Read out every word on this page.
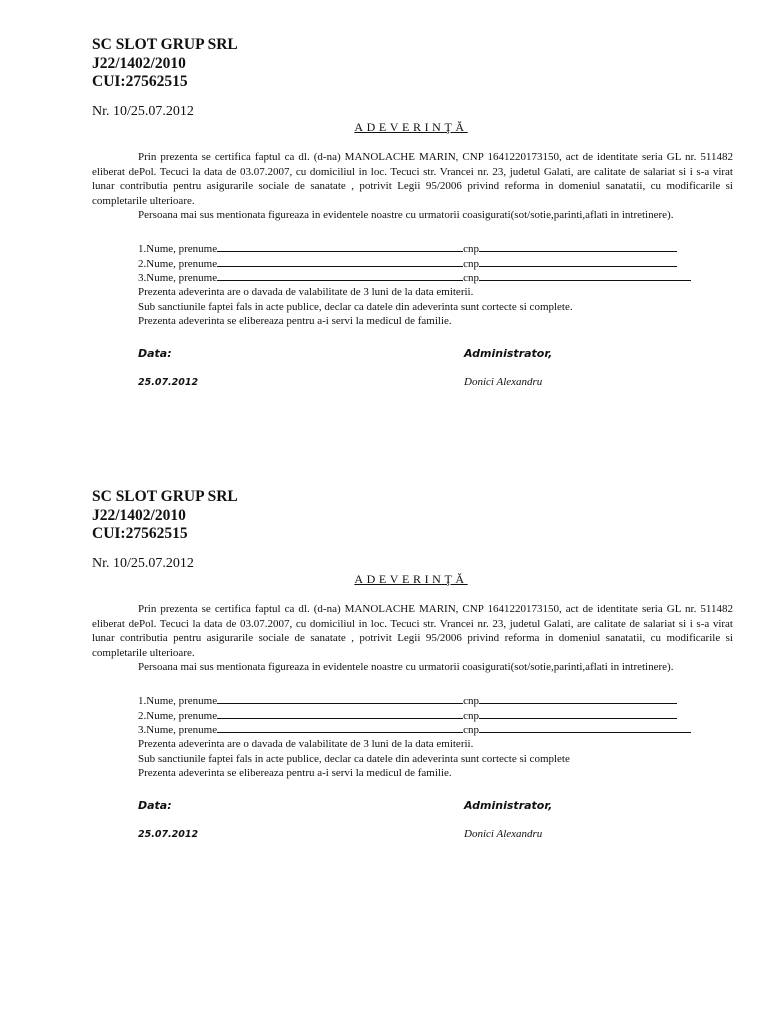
SC SLOT GRUP SRL
J22/1402/2010
CUI:27562515
Nr. 10/25.07.2012
ADEVERINŢĂ

Prin prezenta se certifica faptul ca dl. (d-na) MANOLACHE MARIN, CNP 1641220173150, act de identitate seria GL nr. 511482 eliberat dePol. Tecuci la data de 03.07.2007, cu domiciliul in loc. Tecuci str. Vrancei nr. 23, judetul Galati, are calitate de salariat si i s-a virat lunar contributia pentru asigurarile sociale de sanatate , potrivit Legii 95/2006 privind reforma in domeniul sanatatii, cu modificarile si completarile ulterioare.

Persoana mai sus mentionata figureaza in evidentele noastre cu urmatorii coasigurati(sot/sotie,parinti,aflati in intretinere).

1.Nume, prenume	cnp
2.Nume, prenume	cnp
3.Nume, prenume	cnp
Prezenta adeverinta are o davada de valabilitate de 3 luni de la data emiterii.
Sub sanctiunile faptei fals in acte publice, declar ca datele din adeverinta sunt cortecte si complete.
Prezenta adeverinta se elibereaza pentru a-i servi la medicul de familie.
Data:	Administrator,
25.07.2012	Donici Alexandru
SC SLOT GRUP SRL
J22/1402/2010
CUI:27562515
Nr. 10/25.07.2012
ADEVERINŢĂ

Prin prezenta se certifica faptul ca dl. (d-na) MANOLACHE MARIN, CNP 1641220173150, act de identitate seria GL nr. 511482 eliberat dePol. Tecuci la data de 03.07.2007, cu domiciliul in loc. Tecuci str. Vrancei nr. 23, judetul Galati, are calitate de salariat si i s-a virat lunar contributia pentru asigurarile sociale de sanatate , potrivit Legii 95/2006 privind reforma in domeniul sanatatii, cu modificarile si completarile ulterioare.

Persoana mai sus mentionata figureaza in evidentele noastre cu urmatorii coasigurati(sot/sotie,parinti,aflati in intretinere).

1.Nume, prenume	cnp
2.Nume, prenume	cnp
3.Nume, prenume	cnp
Prezenta adeverinta are o davada de valabilitate de 3 luni de la data emiterii.
Sub sanctiunile faptei fals in acte publice, declar ca datele din adeverinta sunt cortecte si complete
Prezenta adeverinta se elibereaza pentru a-i servi la medicul de familie.
Data:	Administrator,
25.07.2012	Donici Alexandru
